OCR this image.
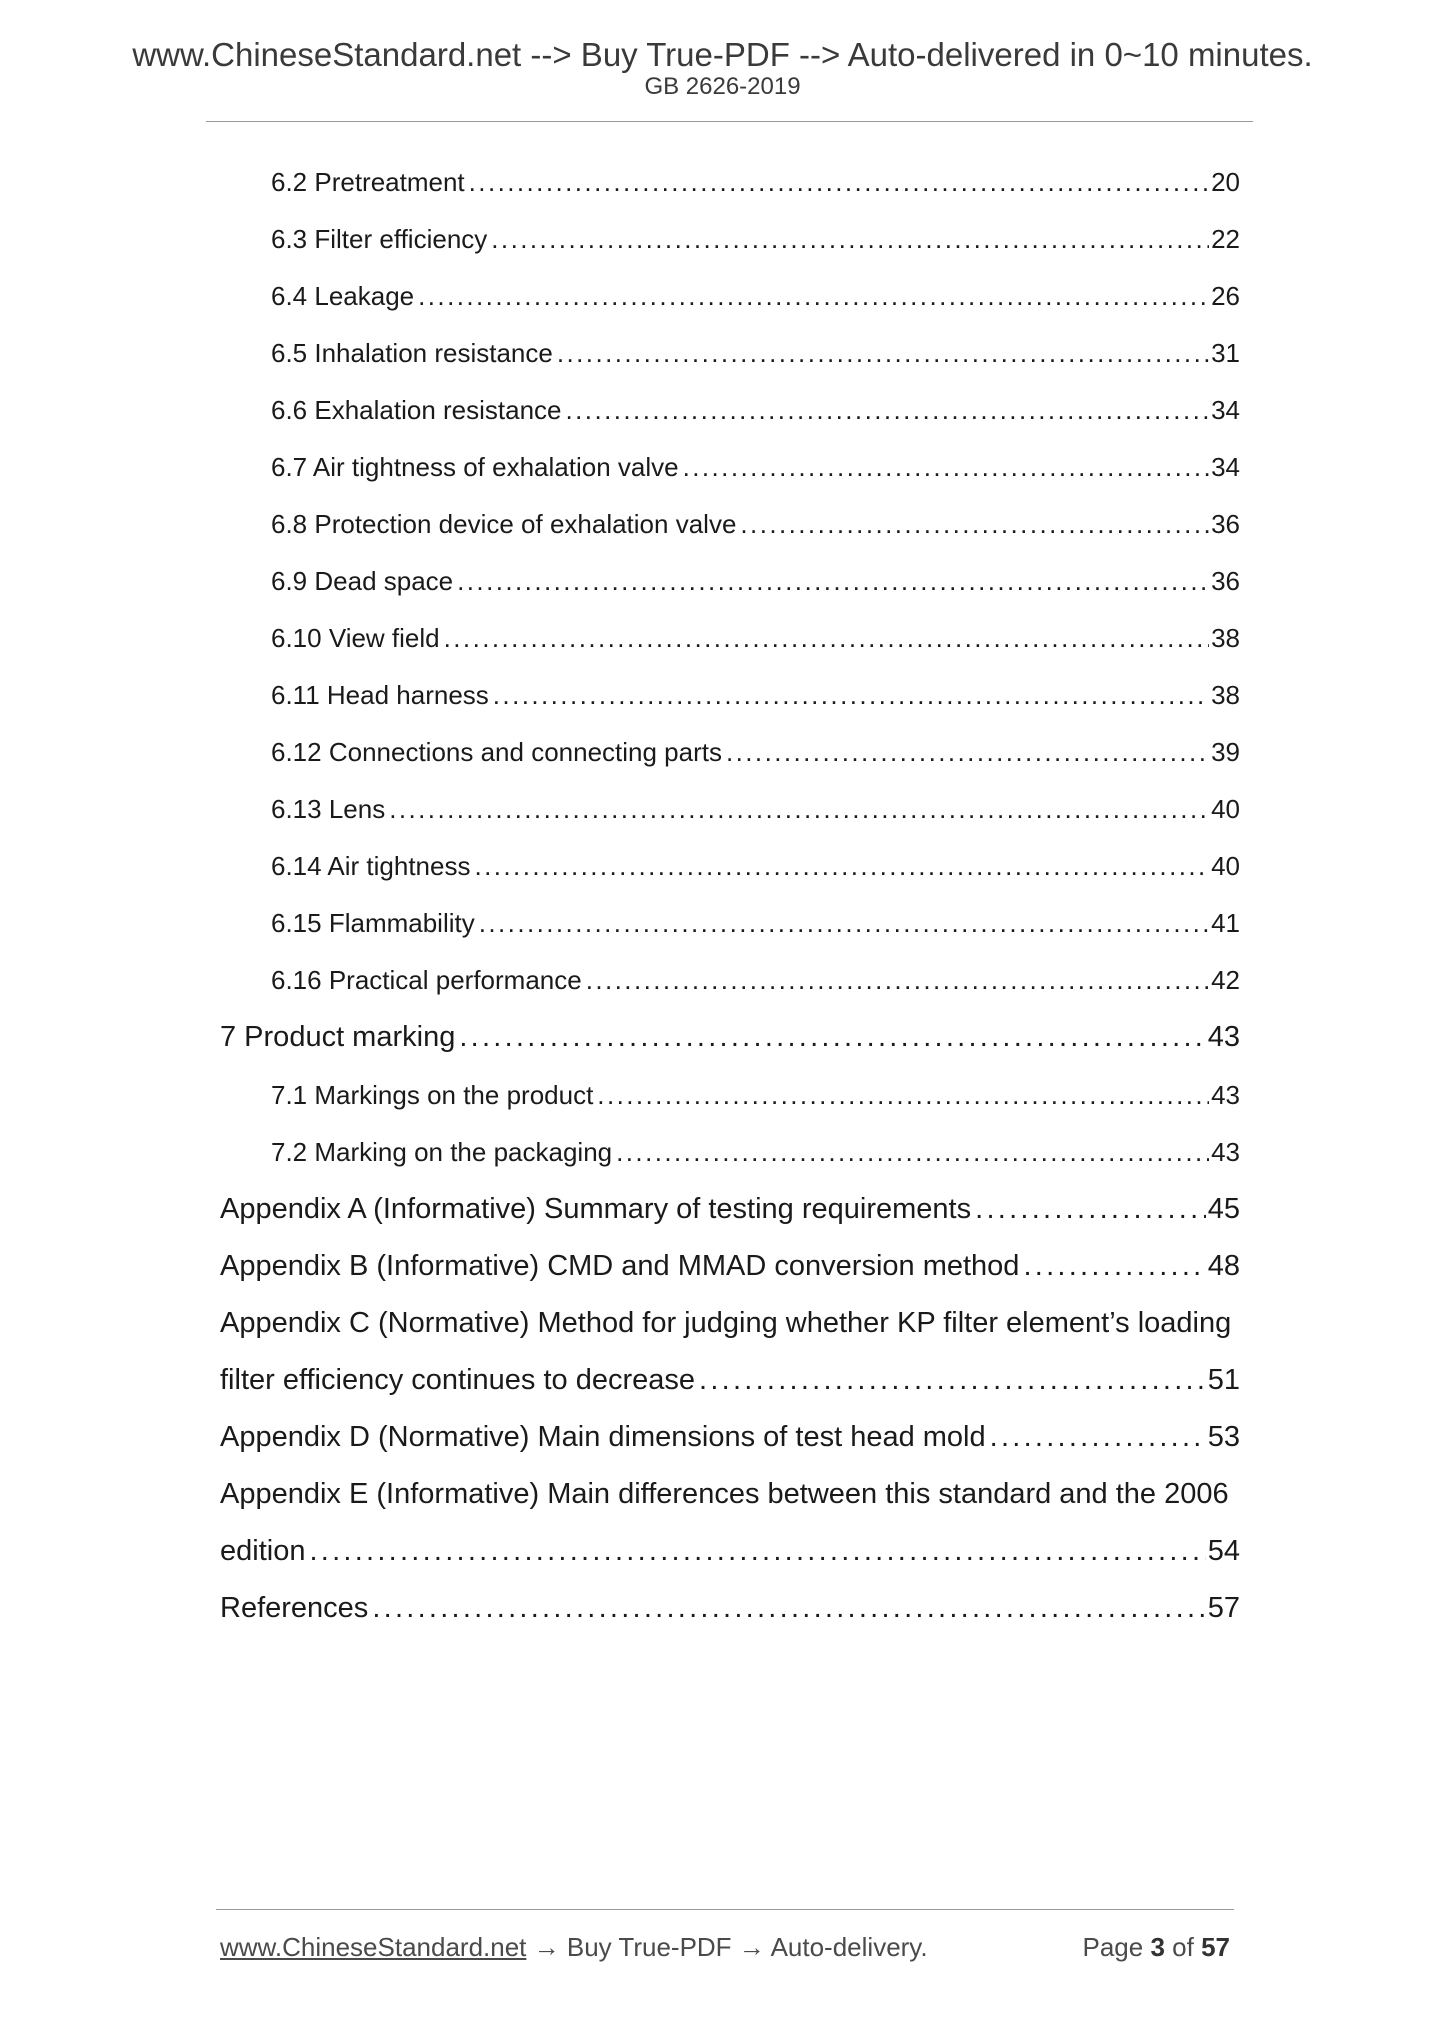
www.ChineseStandard.net --> Buy True-PDF --> Auto-delivered in 0~10 minutes.
GB 2626-2019
6.2 Pretreatment . . .	20
6.3 Filter efficiency . . .	22
6.4 Leakage . . .	26
6.5 Inhalation resistance . . .	31
6.6 Exhalation resistance . . .	34
6.7 Air tightness of exhalation valve . . .	34
6.8 Protection device of exhalation valve . . .	36
6.9 Dead space . . .	36
6.10 View field . . .	38
6.11 Head harness . . .	38
6.12 Connections and connecting parts . . .	39
6.13 Lens . . .	40
6.14 Air tightness . . .	40
6.15 Flammability . . .	41
6.16 Practical performance . . .	42
7 Product marking . . .	43
7.1 Markings on the product . . .	43
7.2 Marking on the packaging . . .	43
Appendix A (Informative) Summary of testing requirements . . .	45
Appendix B (Informative) CMD and MMAD conversion method . . .	48
Appendix C (Normative) Method for judging whether KP filter element’s loading
filter efficiency continues to decrease . . .	51
Appendix D (Normative) Main dimensions of test head mold . . .	53
Appendix E (Informative) Main differences between this standard and the 2006
edition . . .	54
References . . .	57
www.ChineseStandard.net → Buy True-PDF → Auto-delivery.	Page 3 of 57
